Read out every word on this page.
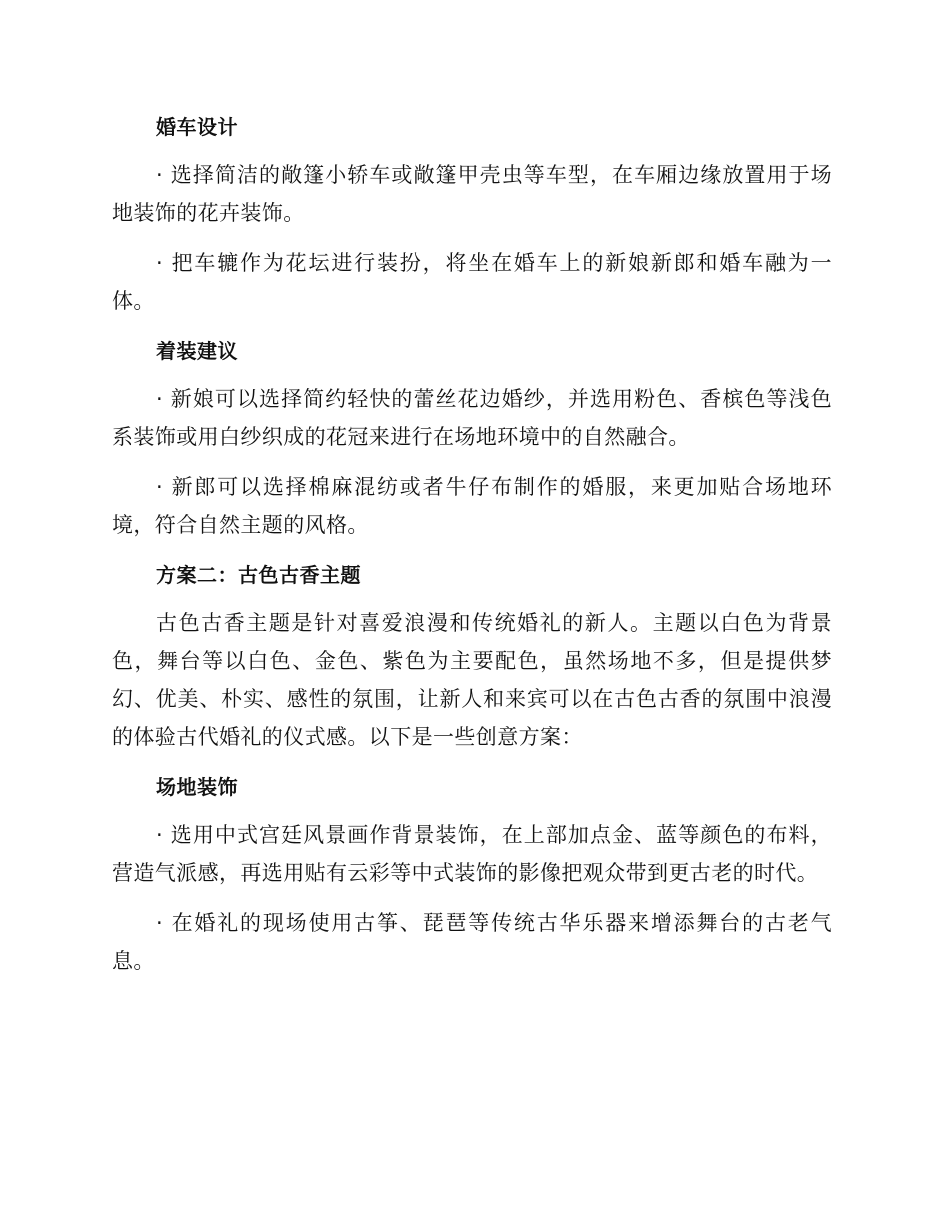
婚车设计

· 选择简洁的敞篷小轿车或敞篷甲壳虫等车型，在车厢边缘放置用于场地装饰的花卉装饰。

· 把车辘作为花坛进行装扮，将坐在婚车上的新娘新郎和婚车融为一体。

着装建议

· 新娘可以选择简约轻快的蕾丝花边婚纱，并选用粉色、香槟色等浅色系装饰或用白纱织成的花冠来进行在场地环境中的自然融合。

· 新郎可以选择棉麻混纺或者牛仔布制作的婚服，来更加贴合场地环境，符合自然主题的风格。

方案二：古色古香主题

古色古香主题是针对喜爱浪漫和传统婚礼的新人。主题以白色为背景色，舞台等以白色、金色、紫色为主要配色，虽然场地不多，但是提供梦幻、优美、朴实、感性的氛围，让新人和来宾可以在古色古香的氛围中浪漫的体验古代婚礼的仪式感。以下是一些创意方案：

场地装饰

· 选用中式宫廷风景画作背景装饰，在上部加点金、蓝等颜色的布料，营造气派感，再选用贴有云彩等中式装饰的影像把观众带到更古老的时代。

· 在婚礼的现场使用古筝、琵琶等传统古华乐器来增添舞台的古老气息。
